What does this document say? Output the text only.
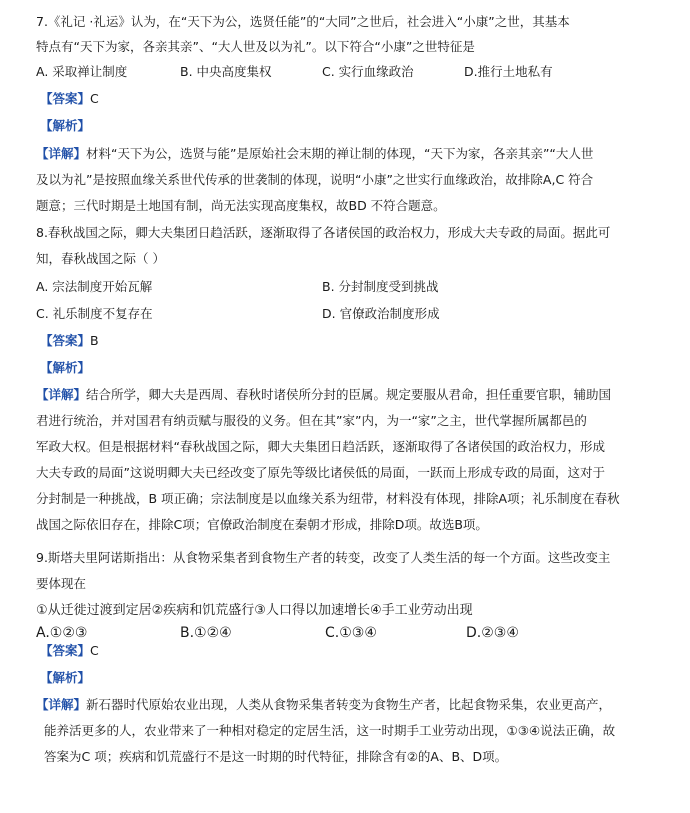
7.《礼记 ·礼运》认为，在“天下为公，选贤任能”的“大同”之世后，社会进入“小康”之世，其基本
特点有“天下为家，各亲其亲”、“大人世及以为礼”。以下符合“小康”之世特征是
A. 采取禅让制度	B. 中央高度集权	C. 实行血缘政治	D.推行土地私有
【答案】C
【解析】
【详解】材料“天下为公，选贤与能”是原始社会末期的禅让制的体现，“天下为家，各亲其亲”“大人世
及以为礼”是按照血缘关系世代传承的世袭制的体现，说明“小康”之世实行血缘政治，故排除A,C 符合
题意；三代时期是土地国有制，尚无法实现高度集权，故BD 不符合题意。
8.春秋战国之际，卿大夫集团日趋活跃，逐渐取得了各诸侯国的政治权力，形成大夫专政的局面。据此可
知，春秋战国之际（ ）
A. 宗法制度开始瓦解	B. 分封制度受到挑战
C. 礼乐制度不复存在	D. 官僚政治制度形成
【答案】B
【解析】
【详解】结合所学，卿大夫是西周、春秋时诸侯所分封的臣属。规定要服从君命，担任重要官职，辅助国
君进行统治，并对国君有纳贡赋与服役的义务。但在其”家”内，为一“家”之主，世代掌握所属都邑的
军政大权。但是根据材料“春秋战国之际，卿大夫集团日趋活跃，逐渐取得了各诸侯国的政治权力，形成
大夫专政的局面”这说明卿大夫已经改变了原先等级比诸侯低的局面，一跃而上形成专政的局面，这对于
分封制是一种挑战，B 项正确；宗法制度是以血缘关系为纽带，材料没有体现，排除A项；礼乐制度在春秋
战国之际依旧存在，排除C项；官僚政治制度在秦朝才形成，排除D项。故选B项。
9.斯塔夫里阿诺斯指出：从食物采集者到食物生产者的转变，改变了人类生活的每一个方面。这些改变主
要体现在
①从迁徙过渡到定居②疾病和饥荒盛行③人口得以加速增长④手工业劳动出现
A.①②③	B.①②④	C.①③④	D.②③④
【答案】C
【解析】
【详解】新石器时代原始农业出现，人类从食物采集者转变为食物生产者，比起食物采集，农业更高产，
能养活更多的人，农业带来了一种相对稳定的定居生活，这一时期手工业劳动出现，①③④说法正确，故
答案为C 项；疾病和饥荒盛行不是这一时期的时代特征，排除含有②的A、B、D项。
